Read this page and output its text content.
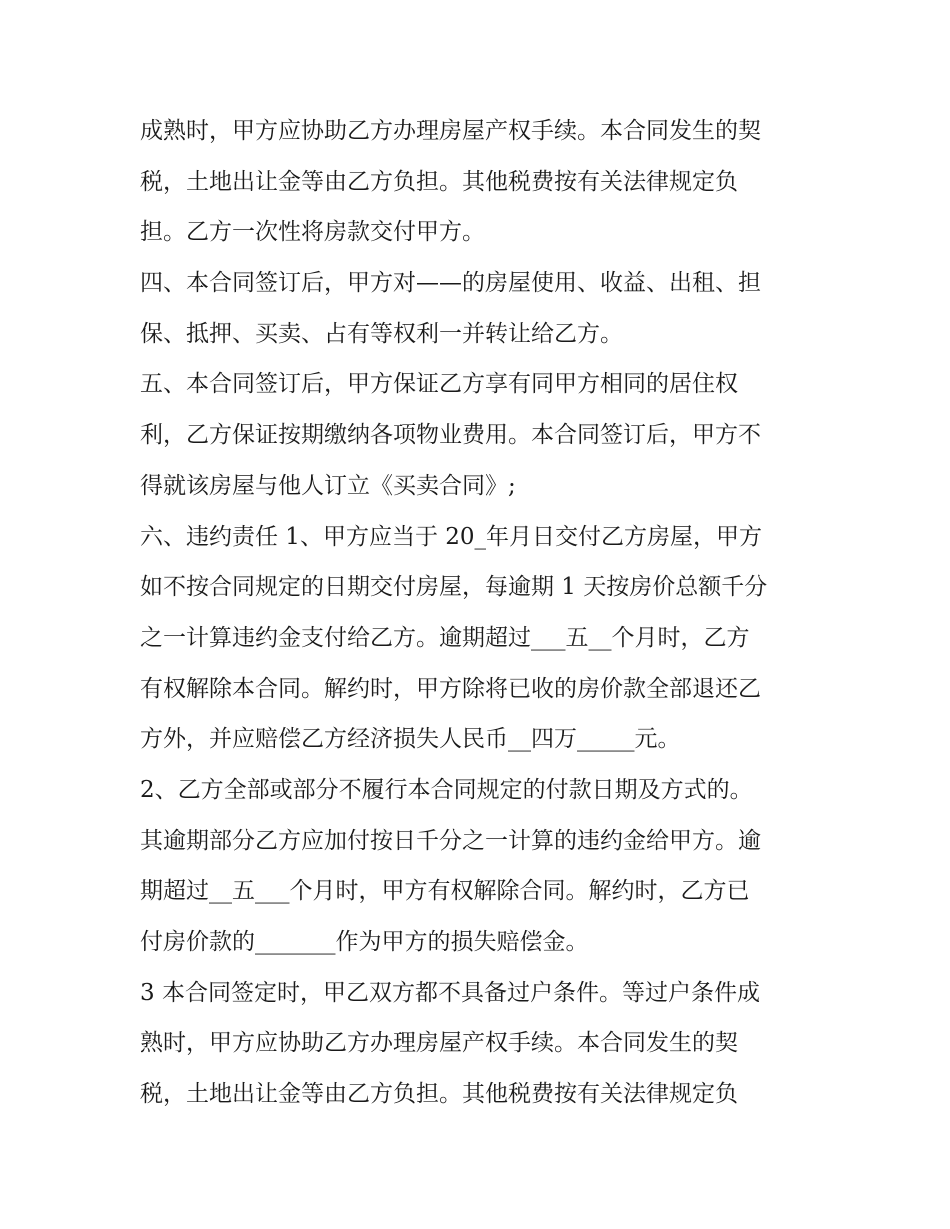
成熟时，甲方应协助乙方办理房屋产权手续。本合同发生的契
税，土地出让金等由乙方负担。其他税费按有关法律规定负
担。乙方一次性将房款交付甲方。
四、本合同签订后，甲方对——的房屋使用、收益、出租、担
保、抵押、买卖、占有等权利一并转让给乙方。
五、本合同签订后，甲方保证乙方享有同甲方相同的居住权
利，乙方保证按期缴纳各项物业费用。本合同签订后，甲方不
得就该房屋与他人订立《买卖合同》;
六、违约责任 1、甲方应当于 20_年月日交付乙方房屋，甲方
如不按合同规定的日期交付房屋，每逾期 1 天按房价总额千分
之一计算违约金支付给乙方。逾期超过___五__个月时，乙方
有权解除本合同。解约时，甲方除将已收的房价款全部退还乙
方外，并应赔偿乙方经济损失人民币__四万_____元。
2、乙方全部或部分不履行本合同规定的付款日期及方式的。
其逾期部分乙方应加付按日千分之一计算的违约金给甲方。逾
期超过__五___个月时，甲方有权解除合同。解约时，乙方已
付房价款的_______作为甲方的损失赔偿金。
3 本合同签定时，甲乙双方都不具备过户条件。等过户条件成
熟时，甲方应协助乙方办理房屋产权手续。本合同发生的契
税，土地出让金等由乙方负担。其他税费按有关法律规定负
